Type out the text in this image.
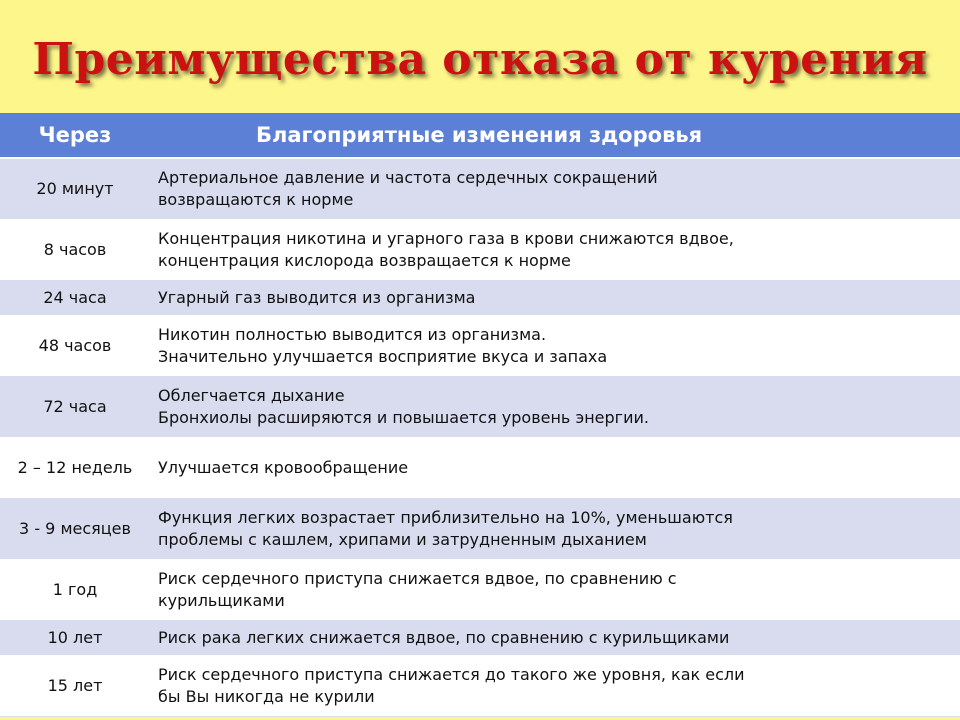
Преимущества отказа от курения
Через	Благоприятные изменения здоровья
20 минут	Артериальное давление и частота сердечных сокращений
возвращаются к норме

8 часов	Концентрация никотина и угарного газа в крови снижаются вдвое,
концентрация кислорода возвращается к норме

24 часа	Угарный газ выводится из организма

48 часов	Никотин полностью выводится из организма.
Значительно улучшается восприятие вкуса и запаха

72 часа	Облегчается дыхание
Бронхиолы расширяются и повышается уровень энергии.

2 – 12 недель	Улучшается кровообращение

3 - 9 месяцев	Функция легких возрастает приблизительно на 10%, уменьшаются
проблемы с кашлем, хрипами и затрудненным дыханием

1 год	Риск сердечного приступа снижается вдвое, по сравнению с
курильщиками

10 лет	Риск рака легких снижается вдвое, по сравнению с курильщиками

15 лет	Риск сердечного приступа снижается до такого же уровня, как если
бы Вы никогда не курили
